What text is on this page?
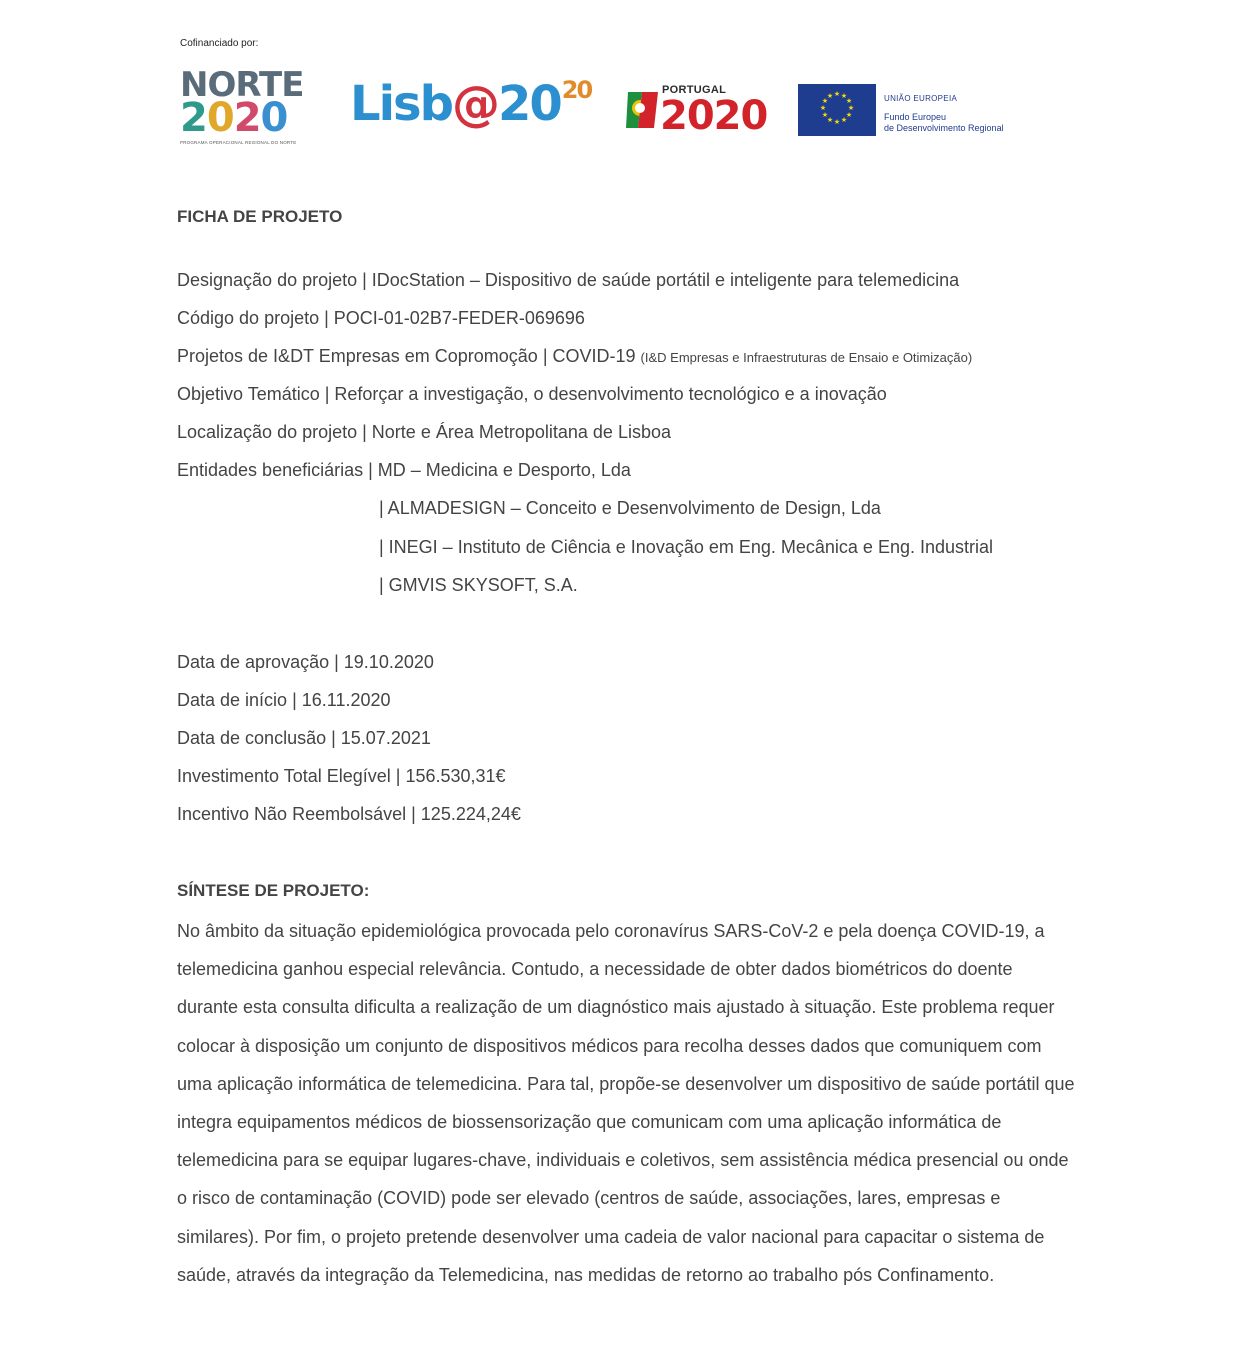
Cofinanciado por:
NORTE
2020
PROGRAMA OPERACIONAL REGIONAL DO NORTE
$Lisb@20^{20}$	PORTUGAL
2020	★ ★
★
★
★
★
★
★
★
★
★
★	UNIÃO EUROPEIA
Fundo Europeu
de Desenvolvimento Regional
FICHA DE PROJETO
Designação do projeto | IDocStation – Dispositivo de saúde portátil e inteligente para telemedicina
Código do projeto | POCI-01-02B7-FEDER-069696
Projetos de I&DT Empresas em Copromoção | COVID-19 (I&D Empresas e Infraestruturas de Ensaio e Otimização)
Objetivo Temático | Reforçar a investigação, o desenvolvimento tecnológico e a inovação
Localização do projeto | Norte e Área Metropolitana de Lisboa
Entidades beneficiárias | MD – Medicina e Desporto, Lda
| ALMADESIGN – Conceito e Desenvolvimento de Design, Lda
| INEGI – Instituto de Ciência e Inovação em Eng. Mecânica e Eng. Industrial
| GMVIS SKYSOFT, S.A.
Data de aprovação | 19.10.2020
Data de início | 16.11.2020
Data de conclusão | 15.07.2021
Investimento Total Elegível | 156.530,31€
Incentivo Não Reembolsável | 125.224,24€
SÍNTESE DE PROJETO:
No âmbito da situação epidemiológica provocada pelo coronavírus SARS-CoV-2 e pela doença COVID-19, a telemedicina ganhou especial relevância. Contudo, a necessidade de obter dados biométricos do doente durante esta consulta dificulta a realização de um diagnóstico mais ajustado à situação. Este problema requer colocar à disposição um conjunto de dispositivos médicos para recolha desses dados que comuniquem com uma aplicação informática de telemedicina. Para tal, propõe-se desenvolver um dispositivo de saúde portátil que integra equipamentos médicos de biossensorização que comunicam com uma aplicação informática de telemedicina para se equipar lugares-chave, individuais e coletivos, sem assistência médica presencial ou onde o risco de contaminação (COVID) pode ser elevado (centros de saúde, associações, lares, empresas e similares). Por fim, o projeto pretende desenvolver uma cadeia de valor nacional para capacitar o sistema de saúde, através da integração da Telemedicina, nas medidas de retorno ao trabalho pós Confinamento.
